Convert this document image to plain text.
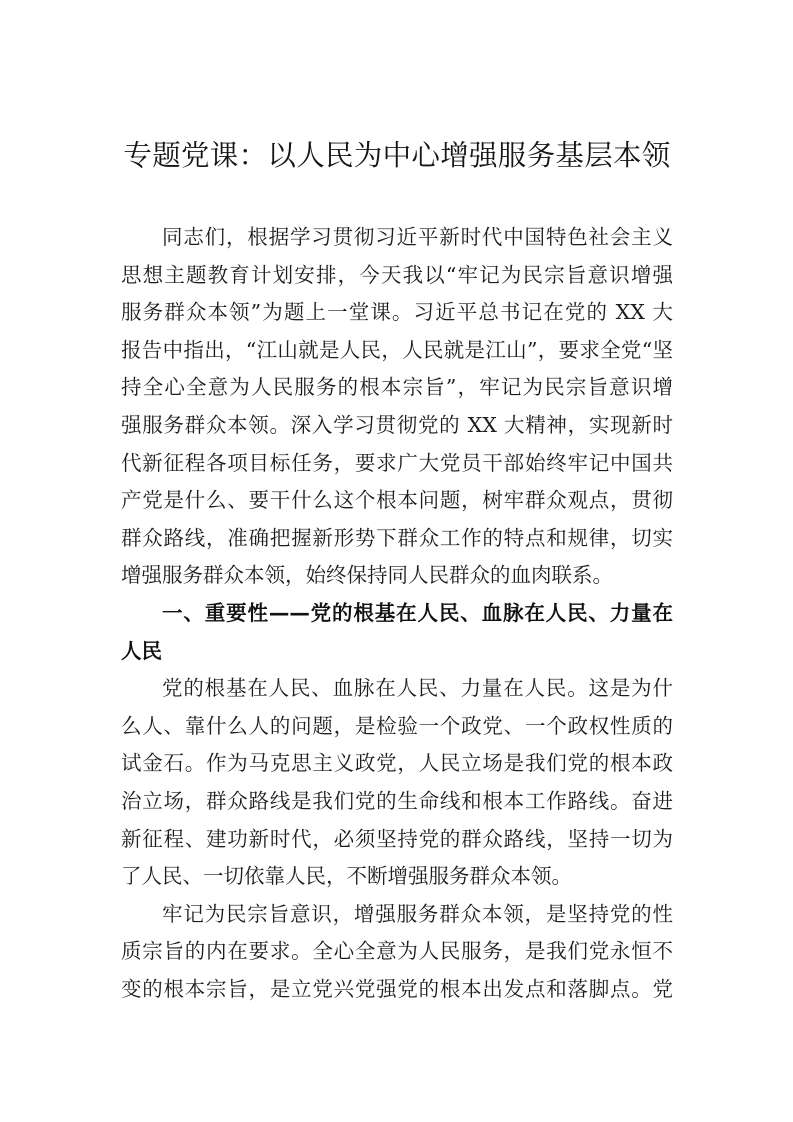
专题党课：以人民为中心增强服务基层本领
同志们，根据学习贯彻习近平新时代中国特色社会主义
思想主题教育计划安排，今天我以“牢记为民宗旨意识增强
服务群众本领”为题上一堂课。习近平总书记在党的 XX 大
报告中指出，“江山就是人民，人民就是江山”，要求全党“坚
持全心全意为人民服务的根本宗旨”，牢记为民宗旨意识增
强服务群众本领。深入学习贯彻党的 XX 大精神，实现新时
代新征程各项目标任务，要求广大党员干部始终牢记中国共
产党是什么、要干什么这个根本问题，树牢群众观点，贯彻
群众路线，准确把握新形势下群众工作的特点和规律，切实
增强服务群众本领，始终保持同人民群众的血肉联系。
一、重要性——党的根基在人民、血脉在人民、力量在
人民
党的根基在人民、血脉在人民、力量在人民。这是为什
么人、靠什么人的问题，是检验一个政党、一个政权性质的
试金石。作为马克思主义政党，人民立场是我们党的根本政
治立场，群众路线是我们党的生命线和根本工作路线。奋进
新征程、建功新时代，必须坚持党的群众路线，坚持一切为
了人民、一切依靠人民，不断增强服务群众本领。
牢记为民宗旨意识，增强服务群众本领，是坚持党的性
质宗旨的内在要求。全心全意为人民服务，是我们党永恒不
变的根本宗旨，是立党兴党强党的根本出发点和落脚点。党
